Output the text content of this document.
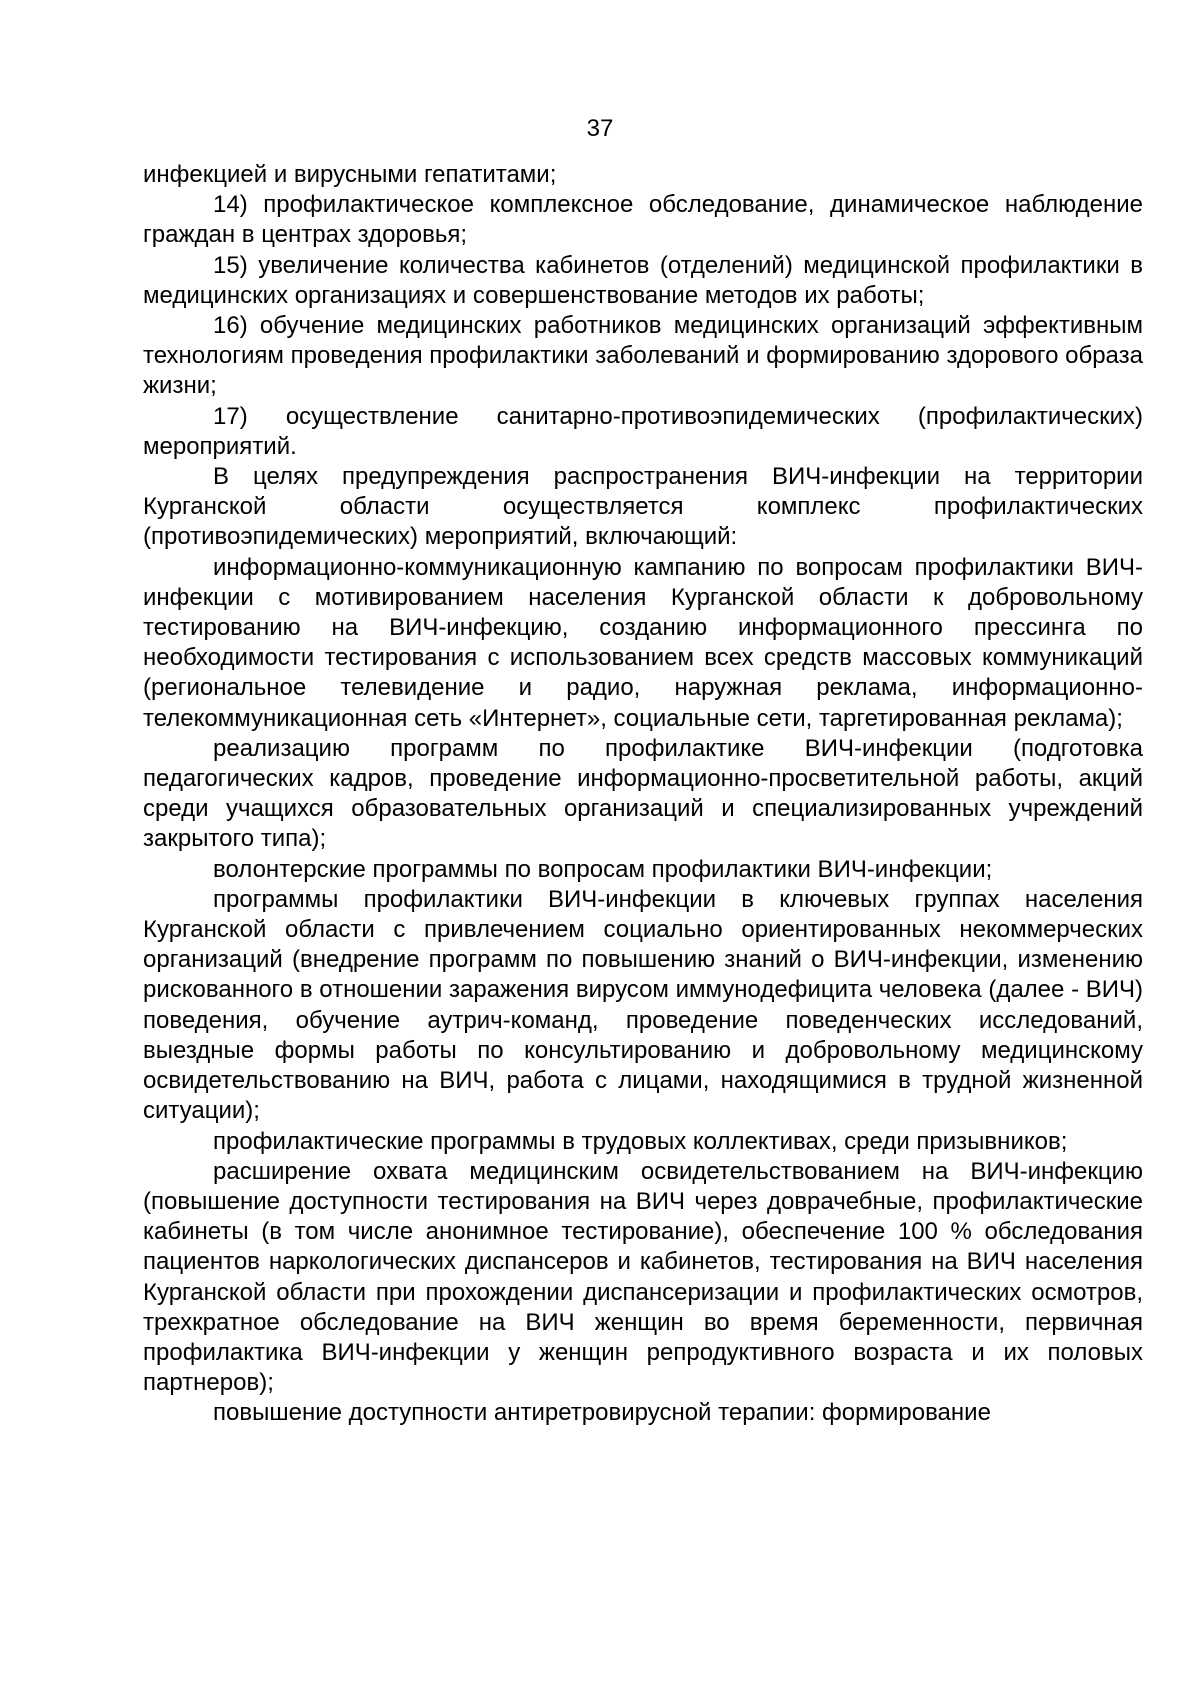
37

инфекцией и вирусными гепатитами;

14) профилактическое комплексное обследование, динамическое наблюдение граждан в центрах здоровья;

15) увеличение количества кабинетов (отделений) медицинской профилактики в медицинских организациях и совершенствование методов их работы;

16) обучение медицинских работников медицинских организаций эффективным технологиям проведения профилактики заболеваний и формированию здорового образа жизни;

17) осуществление санитарно-противоэпидемических (профилактических) мероприятий.

В целях предупреждения распространения ВИЧ-инфекции на территории Курганской области осуществляется комплекс профилактических (противоэпидемических) мероприятий, включающий:

информационно-коммуникационную кампанию по вопросам профилактики ВИЧ-инфекции с мотивированием населения Курганской области к добровольному тестированию на ВИЧ-инфекцию, созданию информационного прессинга по необходимости тестирования с использованием всех средств массовых коммуникаций (региональное телевидение и радио, наружная реклама, информационно-телекоммуникационная сеть «Интернет», социальные сети, таргетированная реклама);

реализацию программ по профилактике ВИЧ-инфекции (подготовка педагогических кадров, проведение информационно-просветительной работы, акций среди учащихся образовательных организаций и специализированных учреждений закрытого типа);

волонтерские программы по вопросам профилактики ВИЧ-инфекции;

программы профилактики ВИЧ-инфекции в ключевых группах населения Курганской области с привлечением социально ориентированных некоммерческих организаций (внедрение программ по повышению знаний о ВИЧ-инфекции, изменению рискованного в отношении заражения вирусом иммунодефицита человека (далее - ВИЧ) поведения, обучение аутрич-команд, проведение поведенческих исследований, выездные формы работы по консультированию и добровольному медицинскому освидетельствованию на ВИЧ, работа с лицами, находящимися в трудной жизненной ситуации);

профилактические программы в трудовых коллективах, среди призывников;

расширение охвата медицинским освидетельствованием на ВИЧ-инфекцию (повышение доступности тестирования на ВИЧ через доврачебные, профилактические кабинеты (в том числе анонимное тестирование), обеспечение 100 % обследования пациентов наркологических диспансеров и кабинетов, тестирования на ВИЧ населения Курганской области при прохождении диспансеризации и профилактических осмотров, трехкратное обследование на ВИЧ женщин во время беременности, первичная профилактика ВИЧ-инфекции у женщин репродуктивного возраста и их половых партнеров);

повышение доступности антиретровирусной терапии: формирование
